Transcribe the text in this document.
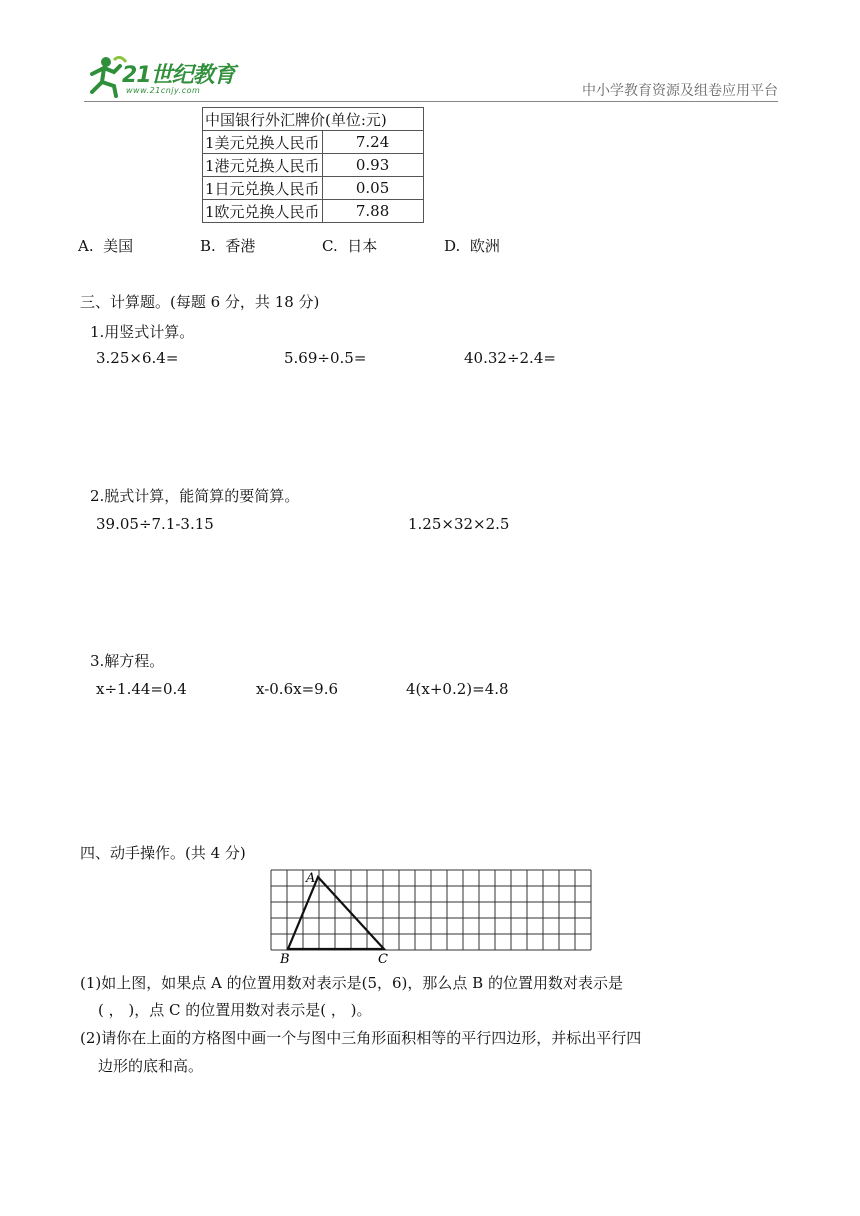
21世纪教育
www.21cnjy.com	中小学教育资源及组卷应用平台
中国银行外汇牌价(单位:元)	
1美元兑换人民币	7.24
1港元兑换人民币	0.93
1日元兑换人民币	0.05
1欧元兑换人民币	7.88
A. 美国	B. 香港	C. 日本	D. 欧洲
三、计算题。(每题 6 分，共 18 分)
1.用竖式计算。
3.25×6.4=	5.69÷0.5=	40.32÷2.4=
2.脱式计算，能简算的要简算。
39.05÷7.1-3.15	1.25×32×2.5
3.解方程。
x÷1.44=0.4	x-0.6x=9.6	4(x+0.2)=4.8
四、动手操作。(共 4 分)
A
B	C
(1)如上图，如果点 A 的位置用数对表示是(5，6)，那么点 B 的位置用数对表示是
( ， )，点 C 的位置用数对表示是( ， )。
(2)请你在上面的方格图中画一个与图中三角形面积相等的平行四边形，并标出平行四
边形的底和高。
